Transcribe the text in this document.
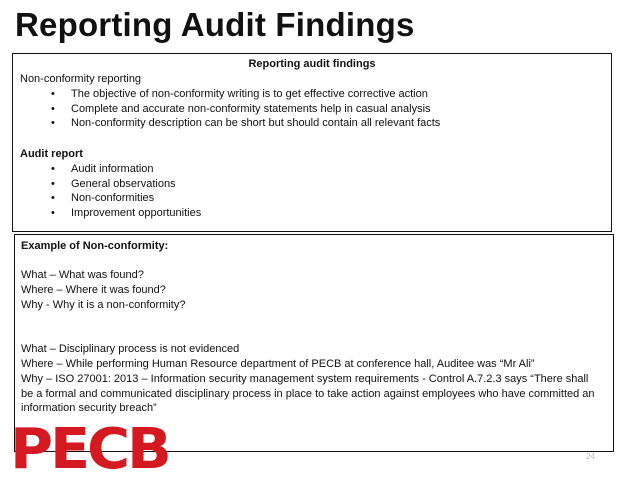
Reporting Audit Findings
Reporting audit findings
Non-conformity reporting
• The objective of non-conformity writing is to get effective corrective action
• Complete and accurate non-conformity statements help in casual analysis
• Non-conformity description can be short but should contain all relevant facts
Audit report
• Audit information
• General observations
• Non-conformities
• Improvement opportunities
Example of Non-conformity:
What – What was found?
Where – Where it was found?
Why - Why it is a non-conformity?
What – Disciplinary process is not evidenced
Where – While performing Human Resource department of PECB at conference hall, Auditee was “Mr Ali”
Why – ISO 27001: 2013 – Information security management system requirements - Control A.7.2.3 says “There shall be a formal and communicated disciplinary process in place to take action against employees who have committed an information security breach”
PECB	24
